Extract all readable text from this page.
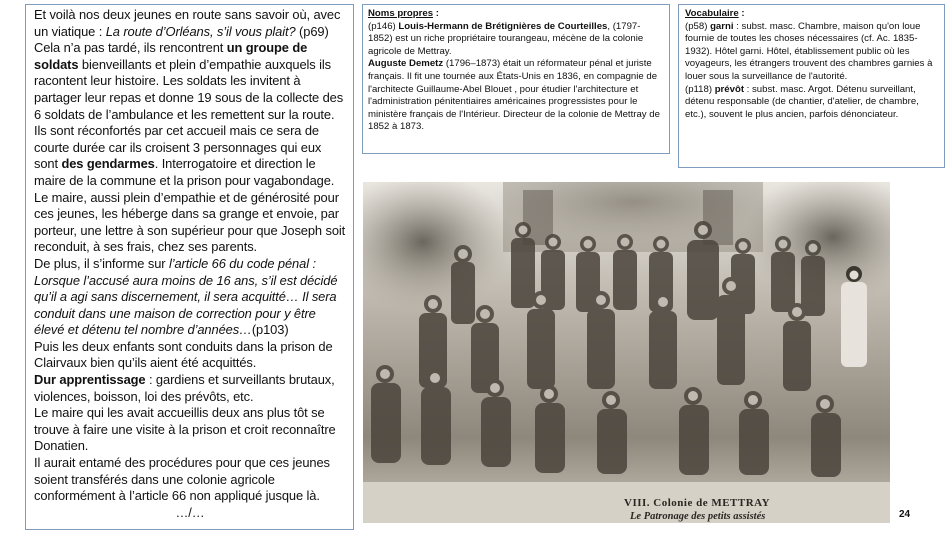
Et voilà nos deux jeunes en route sans savoir où, avec un viatique : La route d’Orléans, s’il vous plait? (p69)

Cela n’a pas tardé, ils rencontrent un groupe de soldats bienveillants et plein d’empathie auxquels ils racontent leur histoire. Les soldats les invitent à partager leur repas et donne 19 sous de la collecte des 6 soldats de l’ambulance et les remettent sur la route.

Ils sont réconfortés par cet accueil mais ce sera de courte durée car ils croisent 3 personnages qui eux sont des gendarmes. Interrogatoire et direction le maire de la commune et la prison pour vagabondage.

Le maire, aussi plein d’empathie et de générosité pour ces jeunes, les héberge dans sa grange et envoie, par porteur, une lettre à son supérieur pour que Joseph soit reconduit, à ses frais, chez ses parents.

De plus, il s’informe sur l’article 66 du code pénal : Lorsque l’accusé aura moins de 16 ans, s’il est décidé qu’il a agi sans discernement, il sera acquitté… Il sera conduit dans une maison de correction pour y être élevé et détenu tel nombre d’années…(p103)

Puis les deux enfants sont conduits dans la prison de Clairvaux bien qu’ils aient été acquittés.

Dur apprentissage : gardiens et surveillants brutaux, violences, boisson, loi des prévôts, etc.

Le maire qui les avait accueillis deux ans plus tôt se trouve à faire une visite à la prison et croit reconnaître Donatien.

Il aurait entamé des procédures pour que ces jeunes soient transférés dans une colonie agricole conformément à l’article 66 non appliqué jusque là.

…/…

Noms propres :

(p146) Louis-Hermann de Brétignières de Courteilles, (1797-1852) est un riche propriétaire tourangeau, mécène de la colonie agricole de Mettray.

Auguste Demetz (1796–1873) était un réformateur pénal et juriste français. Il fit une tournée aux États-Unis en 1836, en compagnie de l'architecte Guillaume-Abel Blouet , pour étudier l'architecture et l'administration pénitentiaires américaines progressistes pour le ministère français de l'Intérieur. Directeur de la colonie de Mettray de 1852 à 1873.

Vocabulaire :

(p58) garni : subst. masc. Chambre, maison qu'on loue fournie de toutes les choses nécessaires (cf. Ac. 1835-1932). Hôtel garni. Hôtel, établissement public où les voyageurs, les étrangers trouvent des chambres garnies à louer sous la surveillance de l'autorité.

(p118) prévôt : subst. masc. Argot. Détenu surveillant, détenu responsable (de chantier, d'atelier, de chambre, etc.), souvent le plus ancien, parfois dénonciateur.

VIII. Colonie de METTRAY
Le Patronage des petits assistés	24
